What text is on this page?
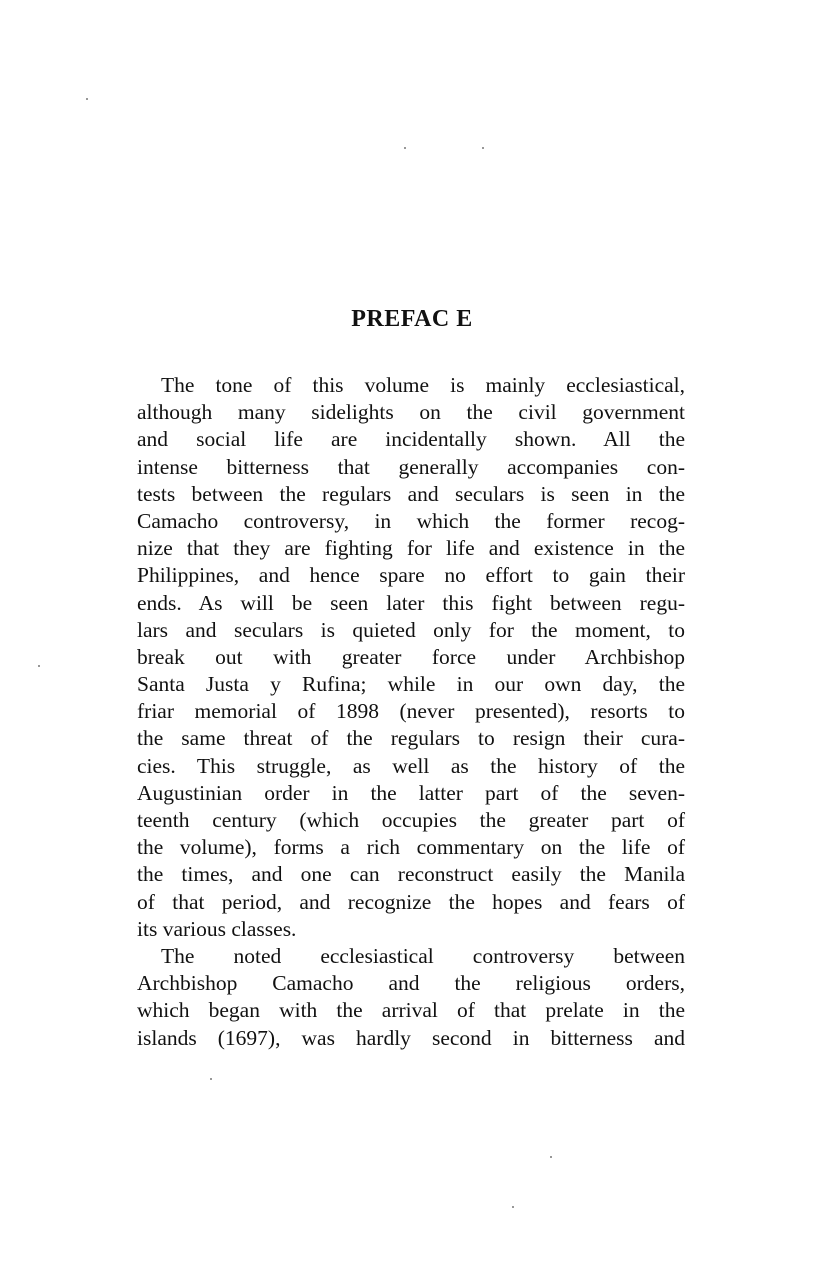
PREFAC E
The tone of this volume is mainly ecclesiastical,
although many sidelights on the civil government
and social life are incidentally shown. All the
intense bitterness that generally accompanies con-
tests between the regulars and seculars is seen in the
Camacho controversy, in which the former recog-
nize that they are fighting for life and existence in the
Philippines, and hence spare no effort to gain their
ends. As will be seen later this fight between regu-
lars and seculars is quieted only for the moment, to
break out with greater force under Archbishop
Santa Justa y Rufina; while in our own day, the
friar memorial of 1898 (never presented), resorts to
the same threat of the regulars to resign their cura-
cies. This struggle, as well as the history of the
Augustinian order in the latter part of the seven-
teenth century (which occupies the greater part of
the volume), forms a rich commentary on the life of
the times, and one can reconstruct easily the Manila
of that period, and recognize the hopes and fears of
its various classes.
The noted ecclesiastical controversy between
Archbishop Camacho and the religious orders,
which began with the arrival of that prelate in the
islands (1697), was hardly second in bitterness and
